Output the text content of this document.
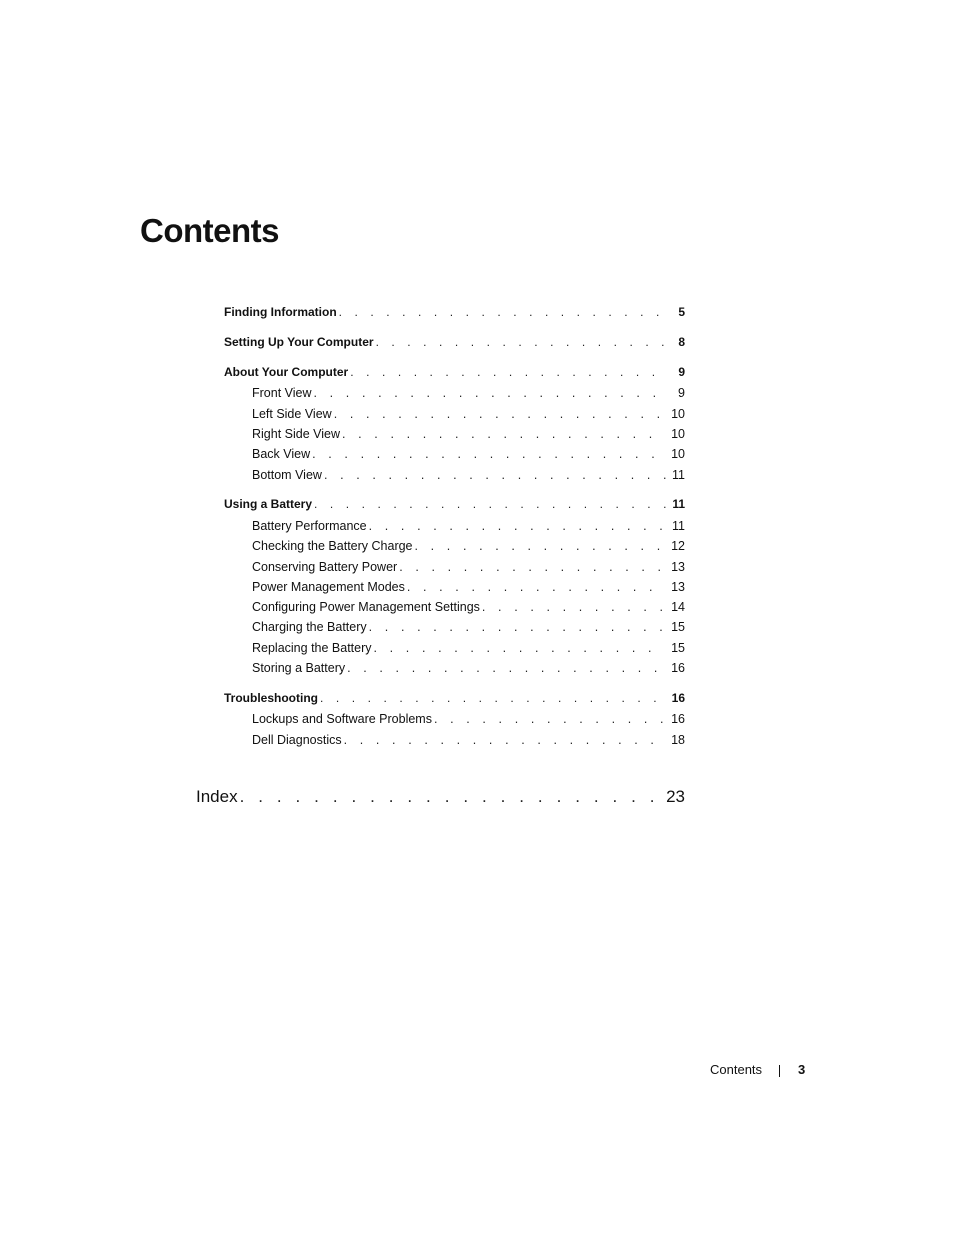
Contents
Finding Information . . .	5
Setting Up Your Computer . . .	8
About Your Computer . . .	9
Front View . . .	9
Left Side View . . .	10
Right Side View . . .	10
Back View . . .	10
Bottom View . . .	11
Using a Battery . . .	11
Battery Performance . . .	11
Checking the Battery Charge . . .	12
Conserving Battery Power . . .	13
Power Management Modes . . .	13
Configuring Power Management Settings . . .	14
Charging the Battery . . .	15
Replacing the Battery . . .	15
Storing a Battery . . .	16
Troubleshooting . . .	16
Lockups and Software Problems . . .	16
Dell Diagnostics . . .	18
Index . . .	23
Contents	3
